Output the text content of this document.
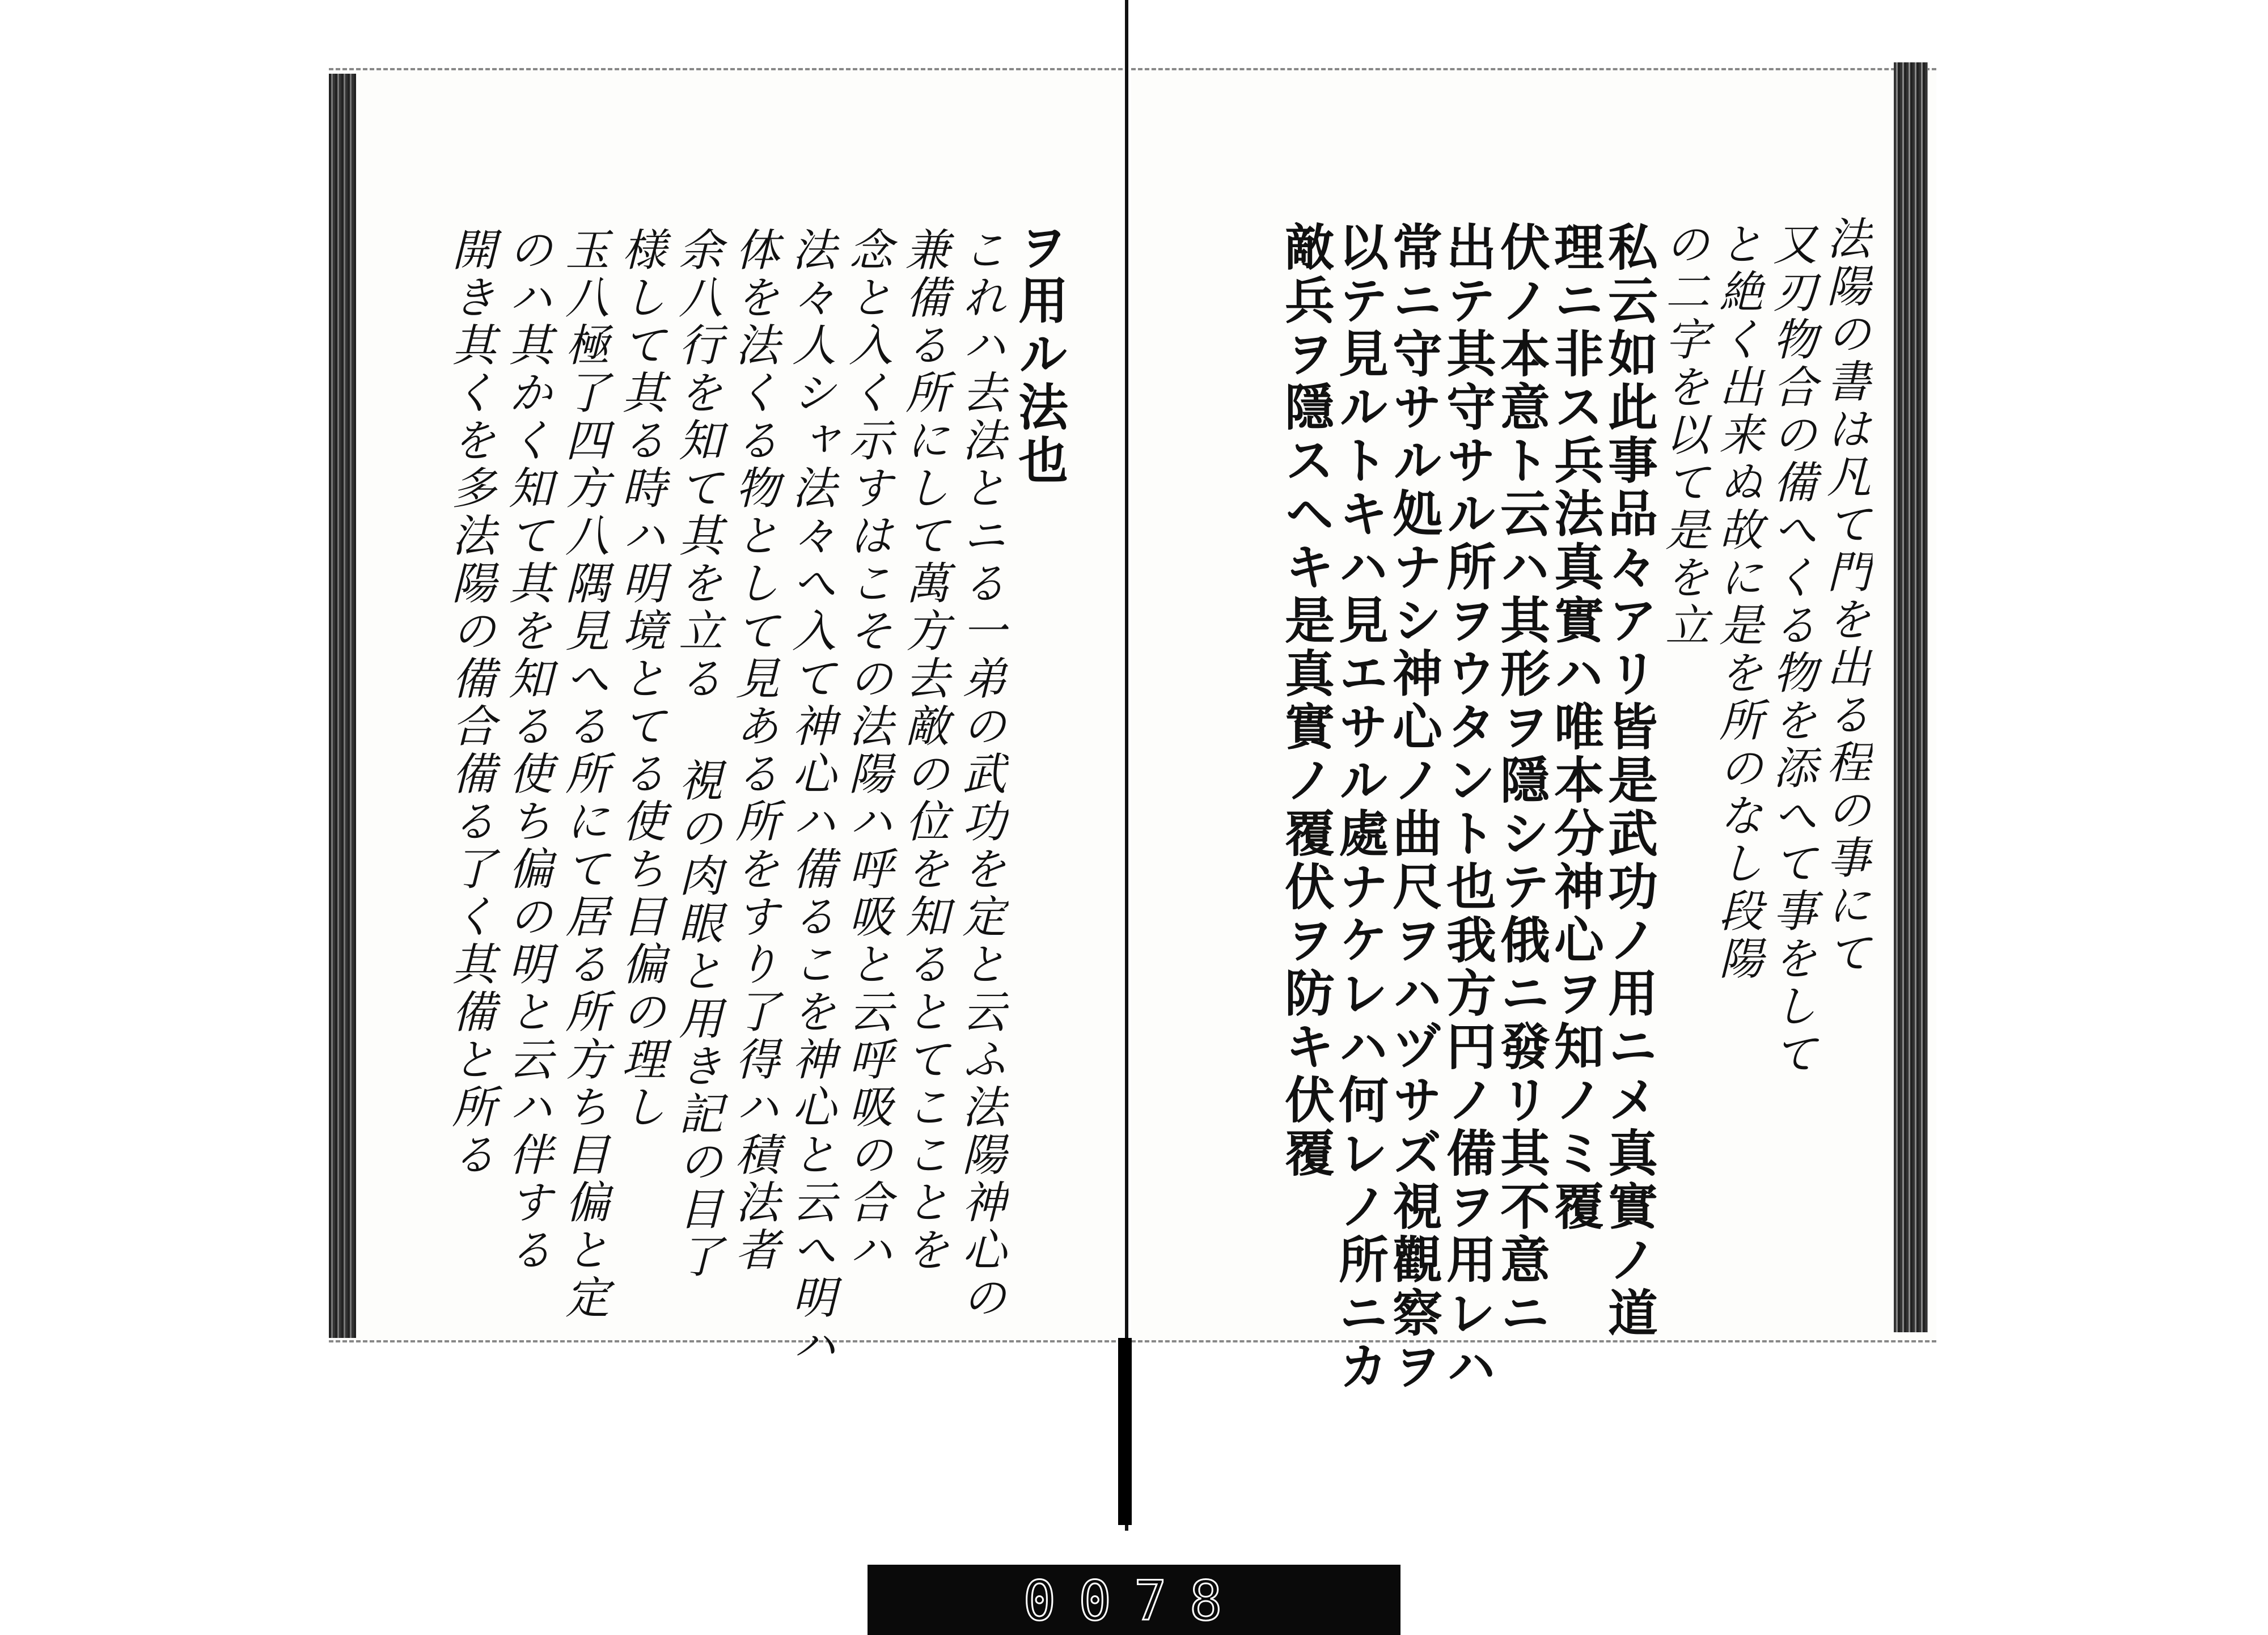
法陽の書は凡て門を出る程の事にて
又刃物合の備へくる物を添へて事をして
と絶く出来ぬ故に是を所のなし段陽
の二字を以て是を立
私云如此事品々アリ皆是武功ノ用ニメ真實ノ道
理ニ非ス兵法真實ハ唯本分神心ヲ知ノミ覆
伏ノ本意ト云ハ其形ヲ隱シテ俄ニ發リ其不意ニ
出テ其守サル所ヲウタント也我方円ノ備ヲ用レハ
常ニ守サル処ナシ神心ノ曲尺ヲハヅサズ視觀察ヲ
以テ見ルトキハ見エサル處ナケレハ何レノ所ニカ
敵兵ヲ隱スヘキ是真實ノ覆伏ヲ防キ伏覆
ヲ用ル法也
これハ去法とニる一弟の武功を定と云ふ法陽神心の
兼備る所にして萬方去敵の位を知るとてこことを
念と入く示すはこその法陽ハ呼吸と云呼吸の合ハ
法々人シャ法々へ入て神心ハ備るこを神心と云へ明ハ
体を法くる物として見ある所をすり了得ハ積法者
余八行を知て其を立る 視の肉眼と用き記の目了
様して其る時ハ明境とてる使ち目偏の理し
玉八極了四方八隅見へる所にて居る所方ち目偏と定
のハ其かく知て其を知る使ち偏の明と云ハ伴する
開き其くを多法陽の備合備る了く其備と所る
0078
